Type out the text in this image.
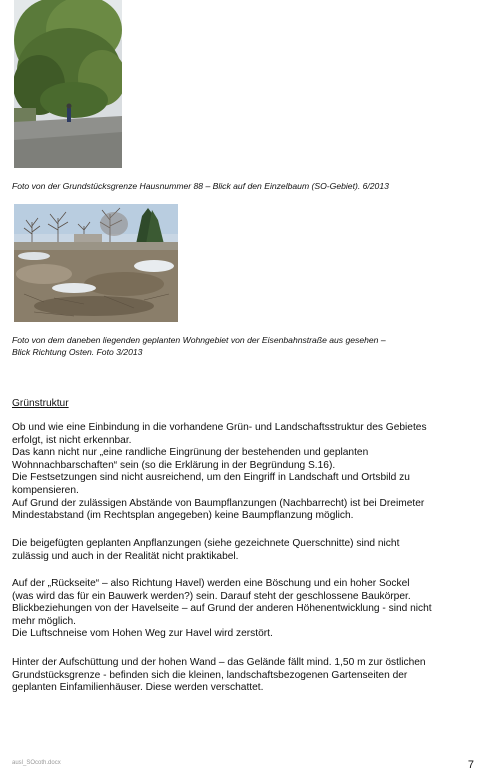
Foto von der Grundstücksgrenze Hausnummer 88 – Blick auf den Einzelbaum (SO-Gebiet). 6/2013

Foto von dem daneben liegenden geplanten Wohngebiet von der Eisenbahnstraße aus gesehen –
Blick Richtung Osten. Foto 3/2013

Grünstruktur

Ob und wie eine Einbindung in die vorhandene Grün- und Landschaftsstruktur des Gebietes
erfolgt, ist nicht erkennbar.
Das kann nicht nur „eine randliche Eingrünung der bestehenden und geplanten
Wohnnachbarschaften“ sein (so die Erklärung in der Begründung S.16).
Die Festsetzungen sind nicht ausreichend, um den Eingriff in Landschaft und Ortsbild zu
kompensieren.
Auf Grund der zulässigen Abstände von Baumpflanzungen (Nachbarrecht) ist bei Dreimeter
Mindestabstand (im Rechtsplan angegeben) keine Baumpflanzung möglich.
Die beigefügten geplanten Anpflanzungen (siehe gezeichnete Querschnitte) sind nicht
zulässig und auch in der Realität nicht praktikabel.
Auf der „Rückseite“ – also Richtung Havel) werden eine Böschung und ein hoher Sockel
(was wird das für ein Bauwerk werden?) sein. Darauf steht der geschlossene Baukörper.
Blickbeziehungen von der Havelseite – auf Grund der anderen Höhenentwicklung - sind nicht
mehr möglich.
Die Luftschneise vom Hohen Weg zur Havel wird zerstört.
Hinter der Aufschüttung und der hohen Wand – das Gelände fällt mind. 1,50 m zur östlichen
Grundstücksgrenze - befinden sich die kleinen, landschaftsbezogenen Gartenseiten der
geplanten Einfamilienhäuser. Diese werden verschattet.

ausl_SOcoth.docx	7
